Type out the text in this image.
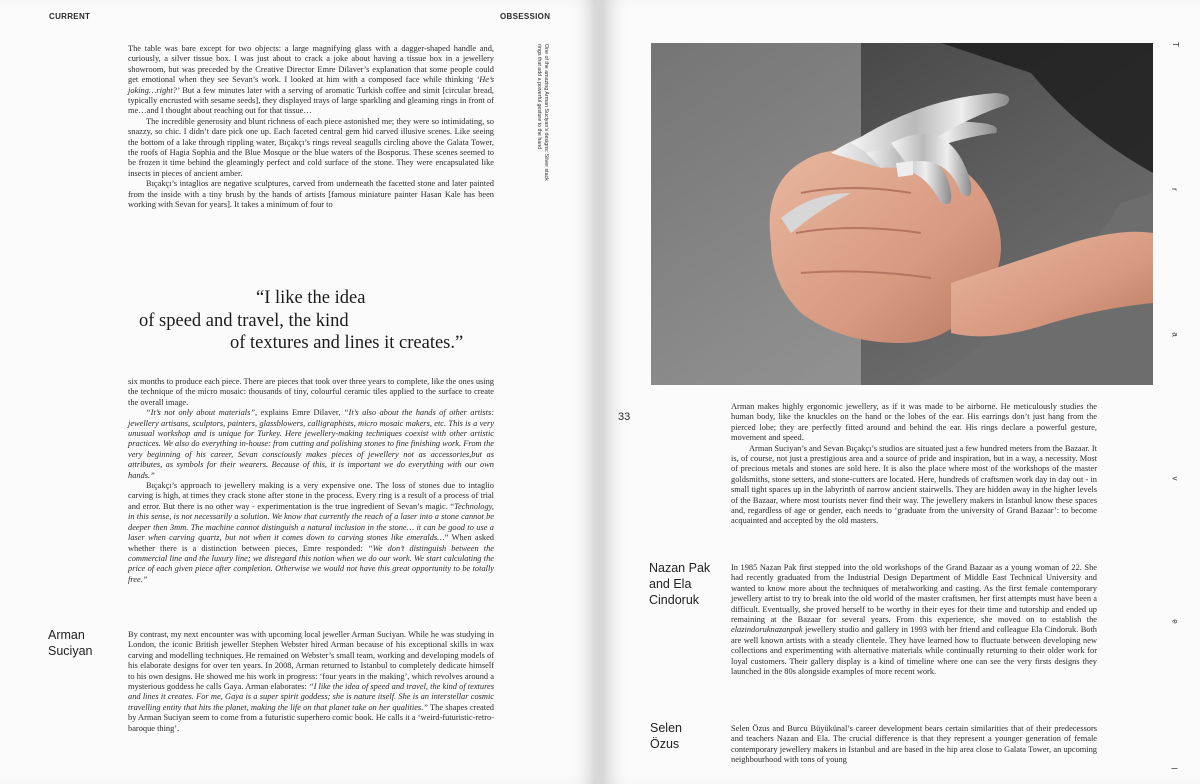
CURRENT	OBSESSION
One of the amazing Arman Suciyan’s designs: Silver stack
rings that add a powerful gesture to the hand

The table was bare except for two objects: a large magnifying glass with a dagger-shaped handle and, curiously, a silver tissue box. I was just about to crack a joke about having a tissue box in a jewellery showroom, but was preceded by the Creative Director Emre Dilaver’s explanation that some people could get emotional when they see Sevan’s work. I looked at him with a composed face while thinking ‘He’s joking…right?’ But a few minutes later with a serving of aromatic Turkish coffee and simit [circular bread, typically encrusted with sesame seeds], they displayed trays of large sparkling and gleaming rings in front of me…and I thought about reaching out for that tissue…

The incredible generosity and blunt richness of each piece astonished me; they were so intimidating, so snazzy, so chic. I didn’t dare pick one up. Each faceted central gem hid carved illusive scenes. Like seeing the bottom of a lake through rippling water, Bıçakçı’s rings reveal seagulls circling above the Galata Tower, the roofs of Hagia Sophia and the Blue Mosque or the blue waters of the Bosporus. These scenes seemed to be frozen it time behind the gleamingly perfect and cold surface of the stone. They were encapsulated like insects in pieces of ancient amber.

Bıçakçı’s intaglios are negative sculptures, carved from underneath the facetted stone and later painted from the inside with a tiny brush by the hands of artists [famous miniature painter Hasan Kale has been working with Sevan for years]. It takes a minimum of four to

“I like the idea
of speed and travel, the kind
of textures and lines it creates.”

six months to produce each piece. There are pieces that took over three years to complete, like the ones using the technique of the micro mosaic: thousands of tiny, colourful ceramic tiles applied to the surface to create the overall image.

“It’s not only about materials”, explains Emre Dilaver, “It’s also about the hands of other artists: jewellery artisans, sculptors, painters, glassblowers, calligraphists, micro mosaic makers, etc. This is a very unusual workshop and is unique for Turkey. Here jewellery-making techniques coexist with other artistic practices. We also do everything in-house: from cutting and polishing stones to fine finishing work. From the very beginning of his career, Sevan consciously makes pieces of jewellery not as accessories,but as attributes, as symbols for their wearers. Because of this, it is important we do everything with our own hands.”

Bıçakçı’s approach to jewellery making is a very expensive one. The loss of stones due to intaglio carving is high, at times they crack stone after stone in the process. Every ring is a result of a process of trial and error. But there is no other way - experimentation is the true ingredient of Sevan’s magic. “Technology, in this sense, is not necessarily a solution. We know that currently the reach of a laser into a stone cannot be deeper then 3mm. The machine cannot distinguish a natural inclusion in the stone… it can be good to use a laser when carving quartz, but not when it comes down to carving stones like emeralds…” When asked whether there is a distinction between pieces, Emre responded: “We don’t distinguish between the commercial line and the luxury line; we disregard this notion when we do our work. We start calculating the price of each given piece after completion. Otherwise we would not have this great opportunity to be totally free.”

Arman Suciyan

By contrast, my next encounter was with upcoming local jeweller Arman Suciyan. While he was studying in London, the iconic British jeweller Stephen Webster hired Arman because of his exceptional skills in wax carving and modelling techniques. He remained on Webster’s small team, working and developing models of his elaborate designs for over ten years. In 2008, Arman returned to Istanbul to completely dedicate himself to his own designs. He showed me his work in progress: ‘four years in the making’, which revolves around a mysterious goddess he calls Gaya. Arman elaborates: “I like the idea of speed and travel, the kind of textures and lines it creates. For me, Gaya is a super spirit goddess; she is nature itself. She is an interstellar cosmic travelling entity that hits the planet, making the life on that planet take on her qualities.” The shapes created by Arman Suciyan seem to come from a futuristic superhero comic book. He calls it a ‘weird-futuristic-retro-baroque thing’.

33
T
r
a
v
e
l

Arman makes highly ergonomic jewellery, as if it was made to be airborne. He meticulously studies the human body, like the knuckles on the hand or the lobes of the ear. His earrings don’t just hang from the pierced lobe; they are perfectly fitted around and behind the ear. His rings declare a powerful gesture, movement and speed.

Arman Suciyan’s and Sevan Bıçakçı’s studios are situated just a few hundred meters from the Bazaar. It is, of course, not just a prestigious area and a source of pride and inspiration, but in a way, a necessity. Most of precious metals and stones are sold here. It is also the place where most of the workshops of the master goldsmiths, stone setters, and stone-cutters are located. Here, hundreds of craftsmen work day in day out - in small tight spaces up in the labyrinth of narrow ancient stairwells. They are hidden away in the higher levels of the Bazaar, where most tourists never find their way. The jewellery makers in Istanbul know these spaces and, regardless of age or gender, each needs to ‘graduate from the university of Grand Bazaar’: to become acquainted and accepted by the old masters.

Nazan Pak and Ela Cindoruk

In 1985 Nazan Pak first stepped into the old workshops of the Grand Bazaar as a young woman of 22. She had recently graduated from the Industrial Design Department of Middle East Technical University and wanted to know more about the techniques of metalworking and casting. As the first female contemporary jewellery artist to try to break into the old world of the master craftsmen, her first attempts must have been a difficult. Eventually, she proved herself to be worthy in their eyes for their time and tutorship and ended up remaining at the Bazaar for several years. From this experience, she moved on to establish the elazindoruknazanpak jewellery studio and gallery in 1993 with her friend and colleague Ela Cindoruk. Both are well known artists with a steady clientele. They have learned how to fluctuate between developing new collections and experimenting with alternative materials while continually returning to their older work for loyal customers. Their gallery display is a kind of timeline where one can see the very firsts designs they launched in the 80s alongside examples of more recent work.

Selen Özus

Selen Özus and Burcu Büyükünal’s career development bears certain similarities that of their predecessors and teachers Nazan and Ela. The crucial difference is that they represent a younger generation of female contemporary jewellery makers in Istanbul and are based in the hip area close to Galata Tower, an upcoming neighbourhood with tons of young
